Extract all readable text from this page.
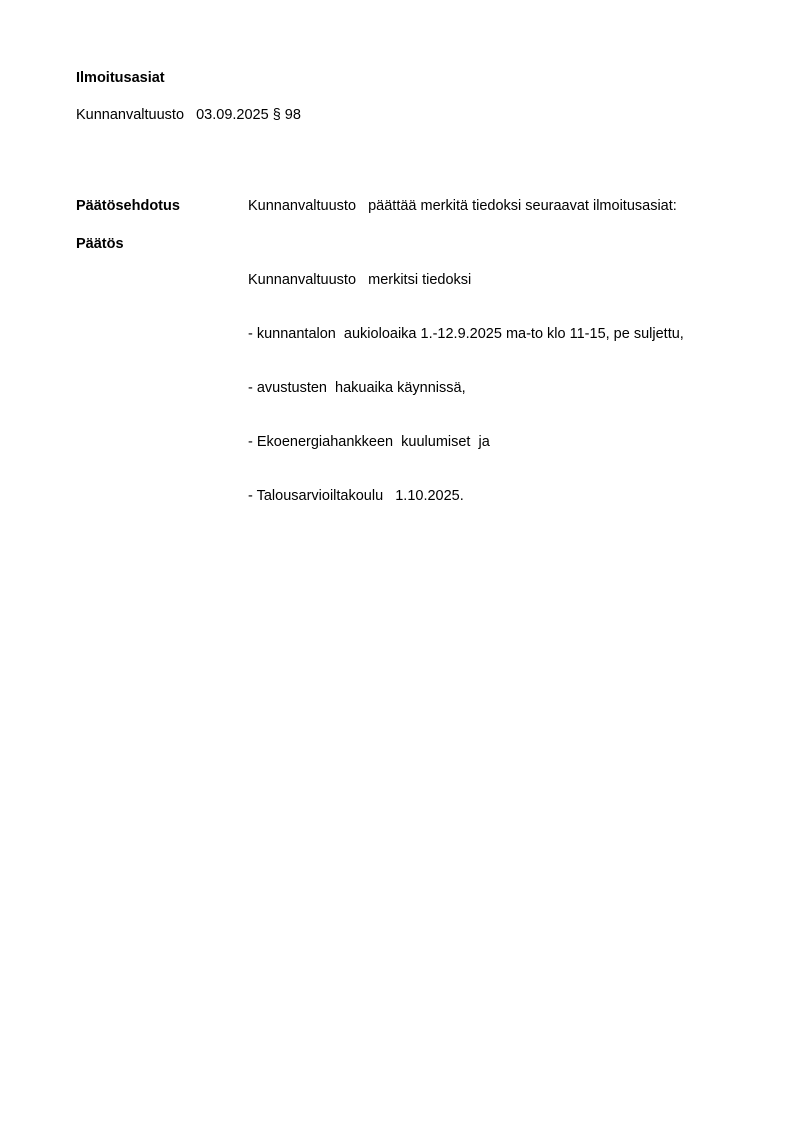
Ilmoitusasiat
Kunnanvaltuusto   03.09.2025 § 98
Päätösehdotus	Kunnanvaltuusto   päättää merkitä tiedoksi seuraavat ilmoitusasiat:
Päätös

Kunnanvaltuusto   merkitsi tiedoksi

- kunnantalon  aukioloaika 1.-12.9.2025 ma-to klo 11-15, pe suljettu,

- avustusten  hakuaika käynnissä,

- Ekoenergiahankkeen  kuulumiset  ja

- Talousarvioiltakoulu   1.10.2025.
